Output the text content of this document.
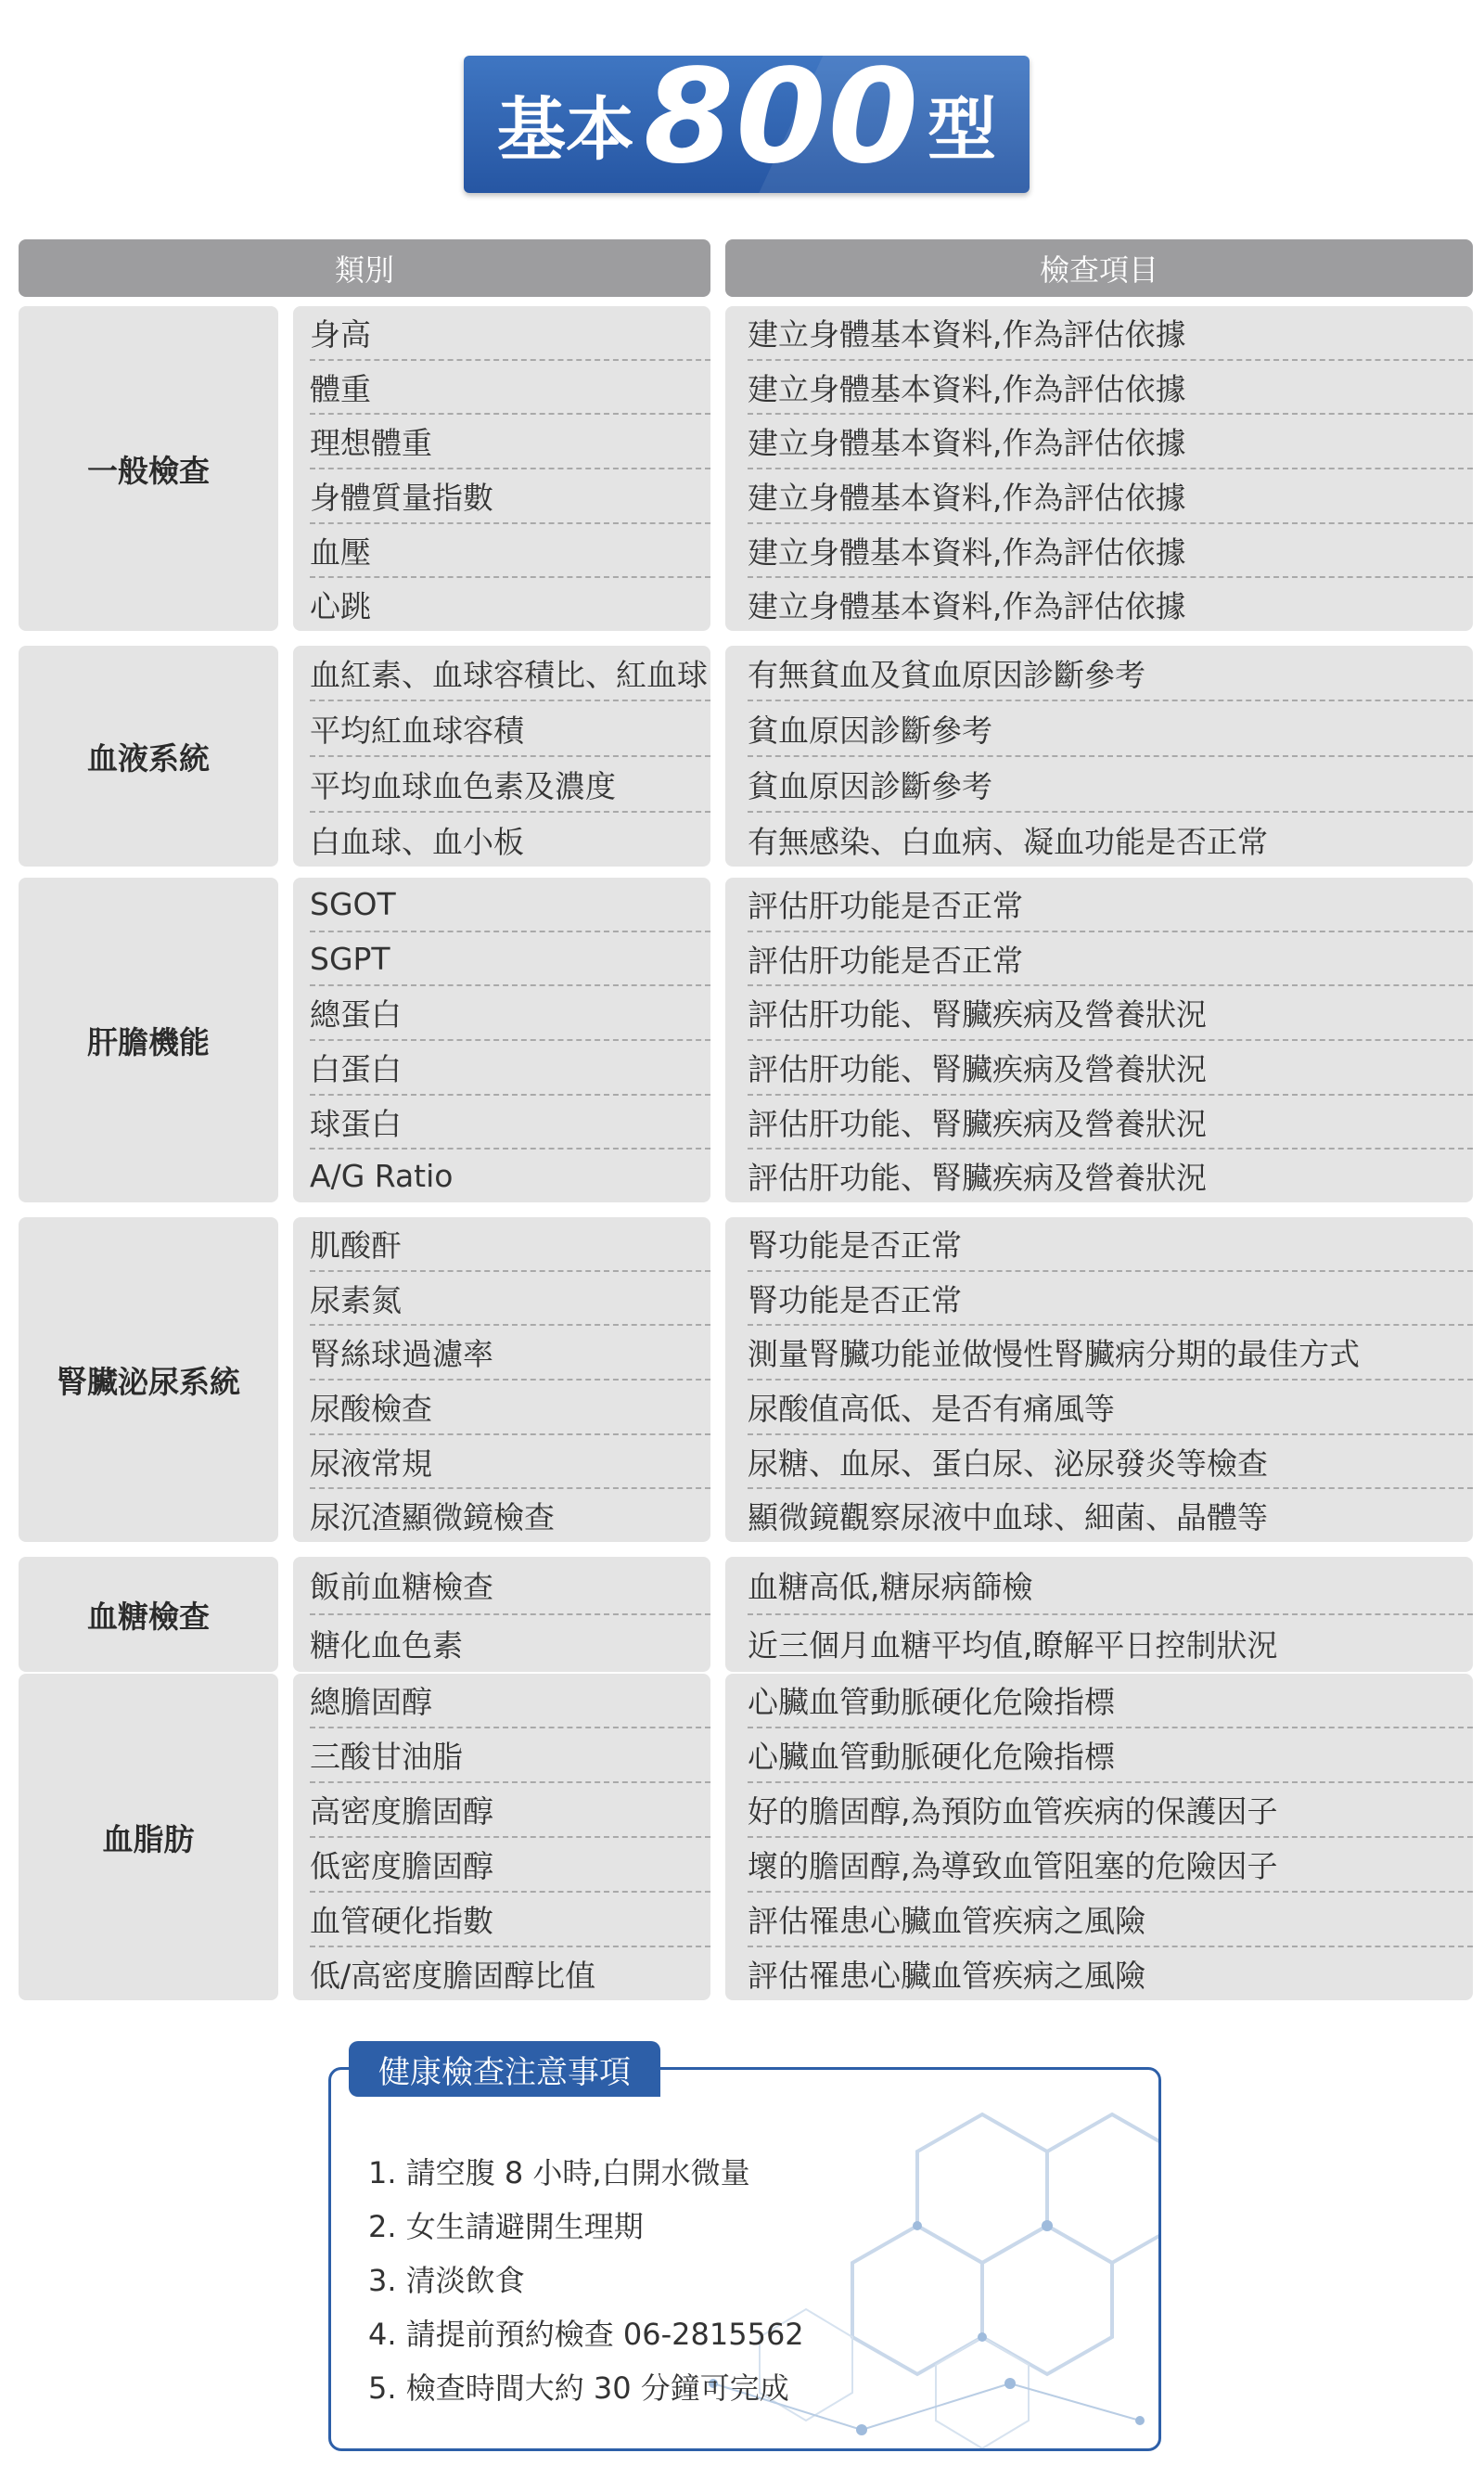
基本 800 型
類別	檢查項目
一般檢查
身高
體重
理想體重
身體質量指數
血壓
心跳
建立身體基本資料,作為評估依據
建立身體基本資料,作為評估依據
建立身體基本資料,作為評估依據
建立身體基本資料,作為評估依據
建立身體基本資料,作為評估依據
建立身體基本資料,作為評估依據
血液系統
血紅素、血球容積比、紅血球
平均紅血球容積
平均血球血色素及濃度
白血球、血小板
有無貧血及貧血原因診斷參考
貧血原因診斷參考
貧血原因診斷參考
有無感染、白血病、凝血功能是否正常
肝膽機能
SGOT
SGPT
總蛋白
白蛋白
球蛋白
A/G Ratio
評估肝功能是否正常
評估肝功能是否正常
評估肝功能、腎臟疾病及營養狀況
評估肝功能、腎臟疾病及營養狀況
評估肝功能、腎臟疾病及營養狀況
評估肝功能、腎臟疾病及營養狀況
腎臟泌尿系統
肌酸酐
尿素氮
腎絲球過濾率
尿酸檢查
尿液常規
尿沉渣顯微鏡檢查
腎功能是否正常
腎功能是否正常
測量腎臟功能並做慢性腎臟病分期的最佳方式
尿酸值高低、是否有痛風等
尿糖、血尿、蛋白尿、泌尿發炎等檢查
顯微鏡觀察尿液中血球、細菌、晶體等
血糖檢查
飯前血糖檢查
糖化血色素
血糖高低,糖尿病篩檢
近三個月血糖平均值,瞭解平日控制狀況
血脂肪
總膽固醇
三酸甘油脂
高密度膽固醇
低密度膽固醇
血管硬化指數
低/高密度膽固醇比值
心臟血管動脈硬化危險指標
心臟血管動脈硬化危險指標
好的膽固醇,為預防血管疾病的保護因子
壞的膽固醇,為導致血管阻塞的危險因子
評估罹患心臟血管疾病之風險
評估罹患心臟血管疾病之風險
健康檢查注意事項
1. 請空腹 8 小時,白開水微量
2. 女生請避開生理期
3. 清淡飲食
4. 請提前預約檢查 06-2815562
5. 檢查時間大約 30 分鐘可完成
